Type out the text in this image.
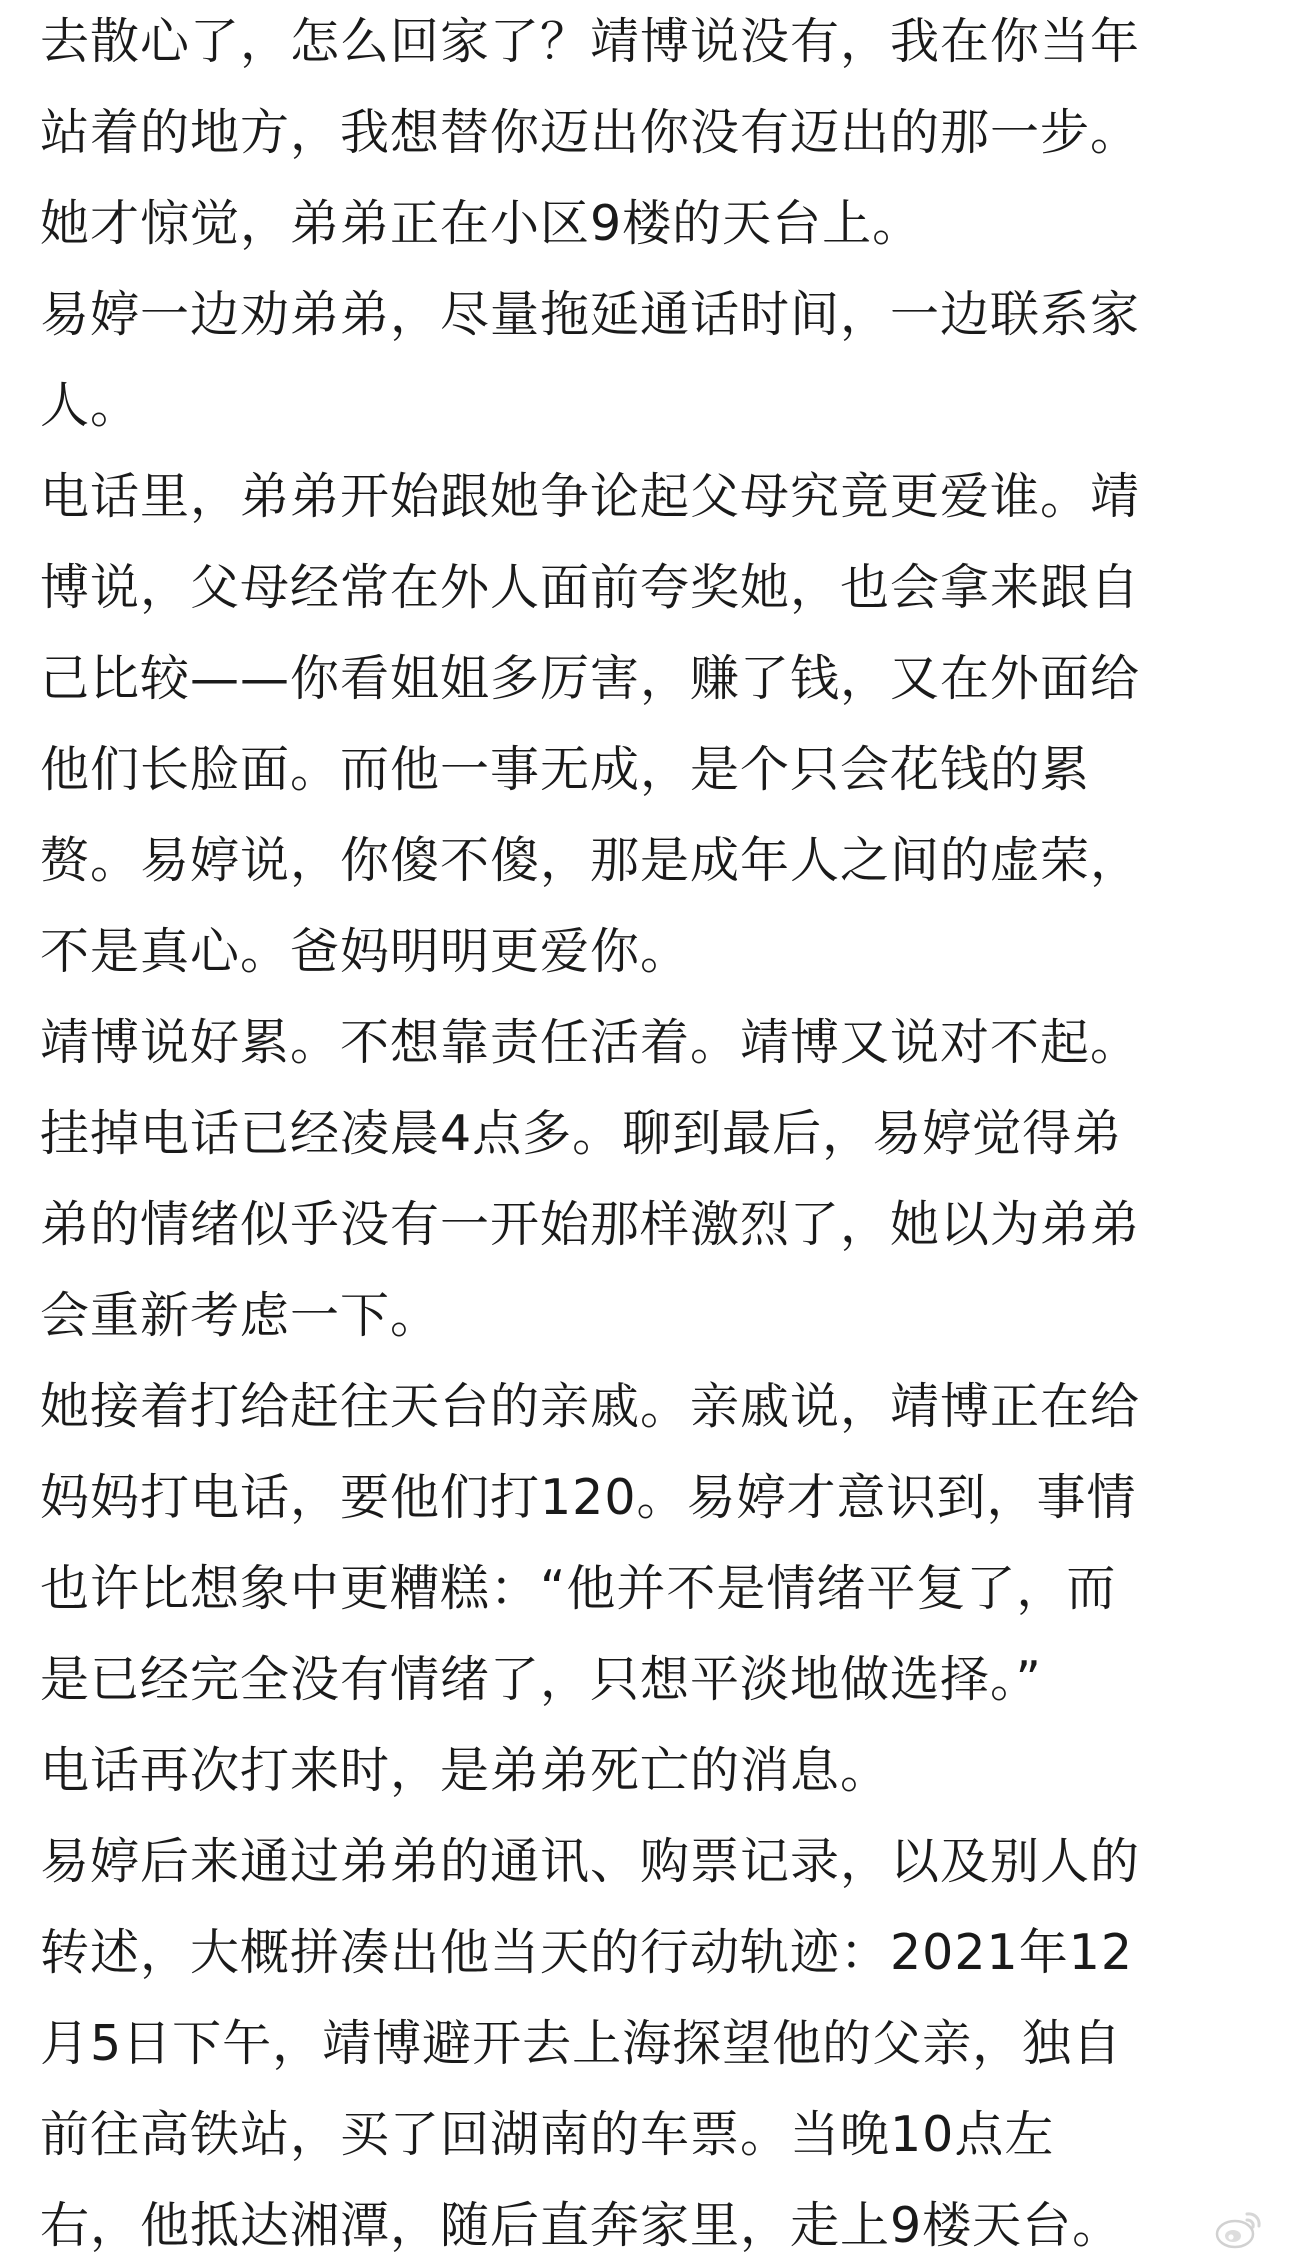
去散心了，怎么回家了？靖博说没有，我在你当年
站着的地方，我想替你迈出你没有迈出的那一步。
她才惊觉，弟弟正在小区9楼的天台上。
易婷一边劝弟弟，尽量拖延通话时间，一边联系家
人。
电话里，弟弟开始跟她争论起父母究竟更爱谁。靖
博说，父母经常在外人面前夸奖她，也会拿来跟自
己比较——你看姐姐多厉害，赚了钱，又在外面给
他们长脸面。而他一事无成，是个只会花钱的累
赘。易婷说，你傻不傻，那是成年人之间的虚荣，
不是真心。爸妈明明更爱你。
靖博说好累。不想靠责任活着。靖博又说对不起。
挂掉电话已经凌晨4点多。聊到最后，易婷觉得弟
弟的情绪似乎没有一开始那样激烈了，她以为弟弟
会重新考虑一下。
她接着打给赶往天台的亲戚。亲戚说，靖博正在给
妈妈打电话，要他们打120。易婷才意识到，事情
也许比想象中更糟糕：“他并不是情绪平复了，而
是已经完全没有情绪了，只想平淡地做选择。”
电话再次打来时，是弟弟死亡的消息。
易婷后来通过弟弟的通讯、购票记录，以及别人的
转述，大概拼凑出他当天的行动轨迹：2021年12
月5日下午，靖博避开去上海探望他的父亲，独自
前往高铁站，买了回湖南的车票。当晚10点左
右，他抵达湘潭，随后直奔家里，走上9楼天台。
